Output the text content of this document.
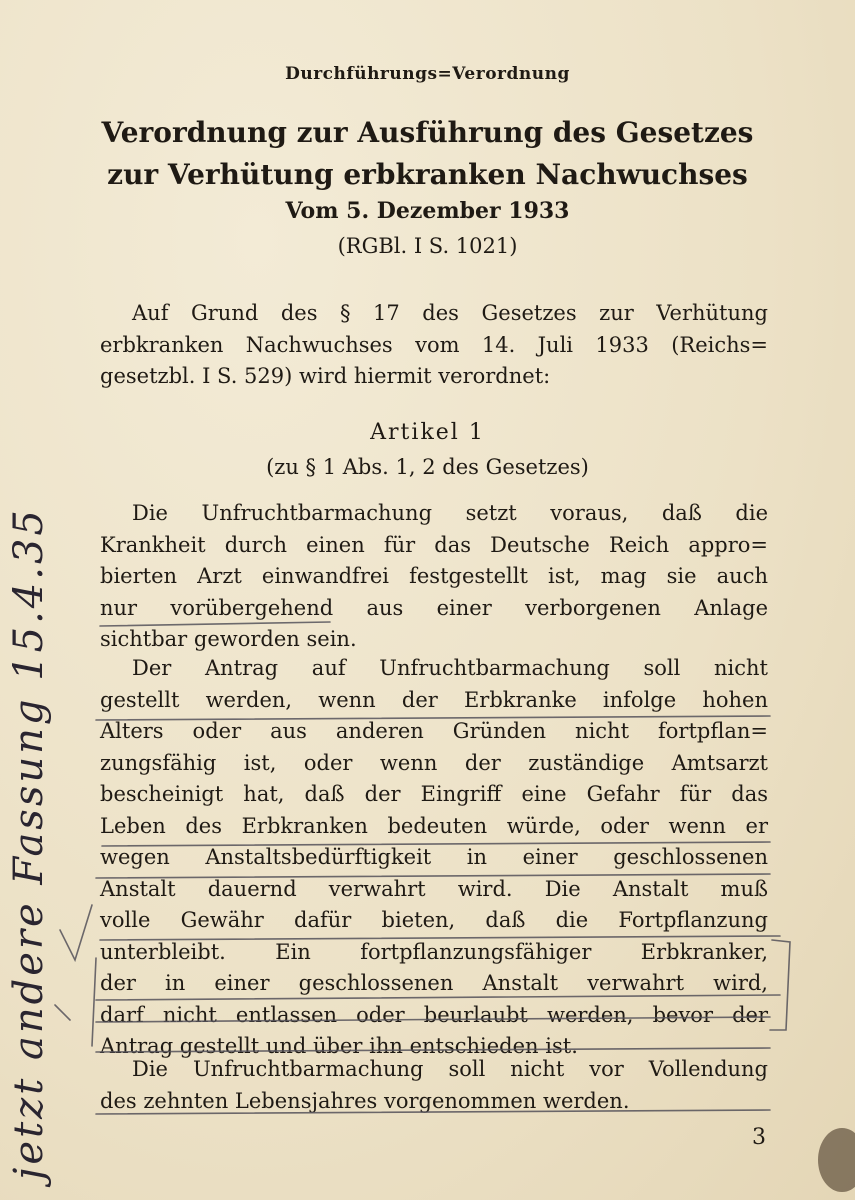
Durchführungs=Verordnung
Verordnung zur Ausführung des Gesetzes
zur Verhütung erbkranken Nachwuchses
Vom 5. Dezember 1933
(RGBl. I S. 1021)
Auf Grund des § 17 des Gesetzes zur Verhütung
erbkranken Nachwuchses vom 14. Juli 1933 (Reichs=
gesetzbl. I S. 529) wird hiermit verordnet:
Artikel 1
(zu § 1 Abs. 1, 2 des Gesetzes)
Die Unfruchtbarmachung setzt voraus, daß die
Krankheit durch einen für das Deutsche Reich appro=
bierten Arzt einwandfrei festgestellt ist, mag sie auch
nur vorübergehend aus einer verborgenen Anlage
sichtbar geworden sein.
Der Antrag auf Unfruchtbarmachung soll nicht
gestellt werden, wenn der Erbkranke infolge hohen
Alters oder aus anderen Gründen nicht fortpflan=
zungsfähig ist, oder wenn der zuständige Amtsarzt
bescheinigt hat, daß der Eingriff eine Gefahr für das
Leben des Erbkranken bedeuten würde, oder wenn er
wegen Anstaltsbedürftigkeit in einer geschlossenen
Anstalt dauernd verwahrt wird. Die Anstalt muß
volle Gewähr dafür bieten, daß die Fortpflanzung
unterbleibt. Ein fortpflanzungsfähiger Erbkranker,
der in einer geschlossenen Anstalt verwahrt wird,
darf nicht entlassen oder beurlaubt werden, bevor der
Antrag gestellt und über ihn entschieden ist.
Die Unfruchtbarmachung soll nicht vor Vollendung
des zehnten Lebensjahres vorgenommen werden.
3
jetzt andere Fassung 15.4.35
